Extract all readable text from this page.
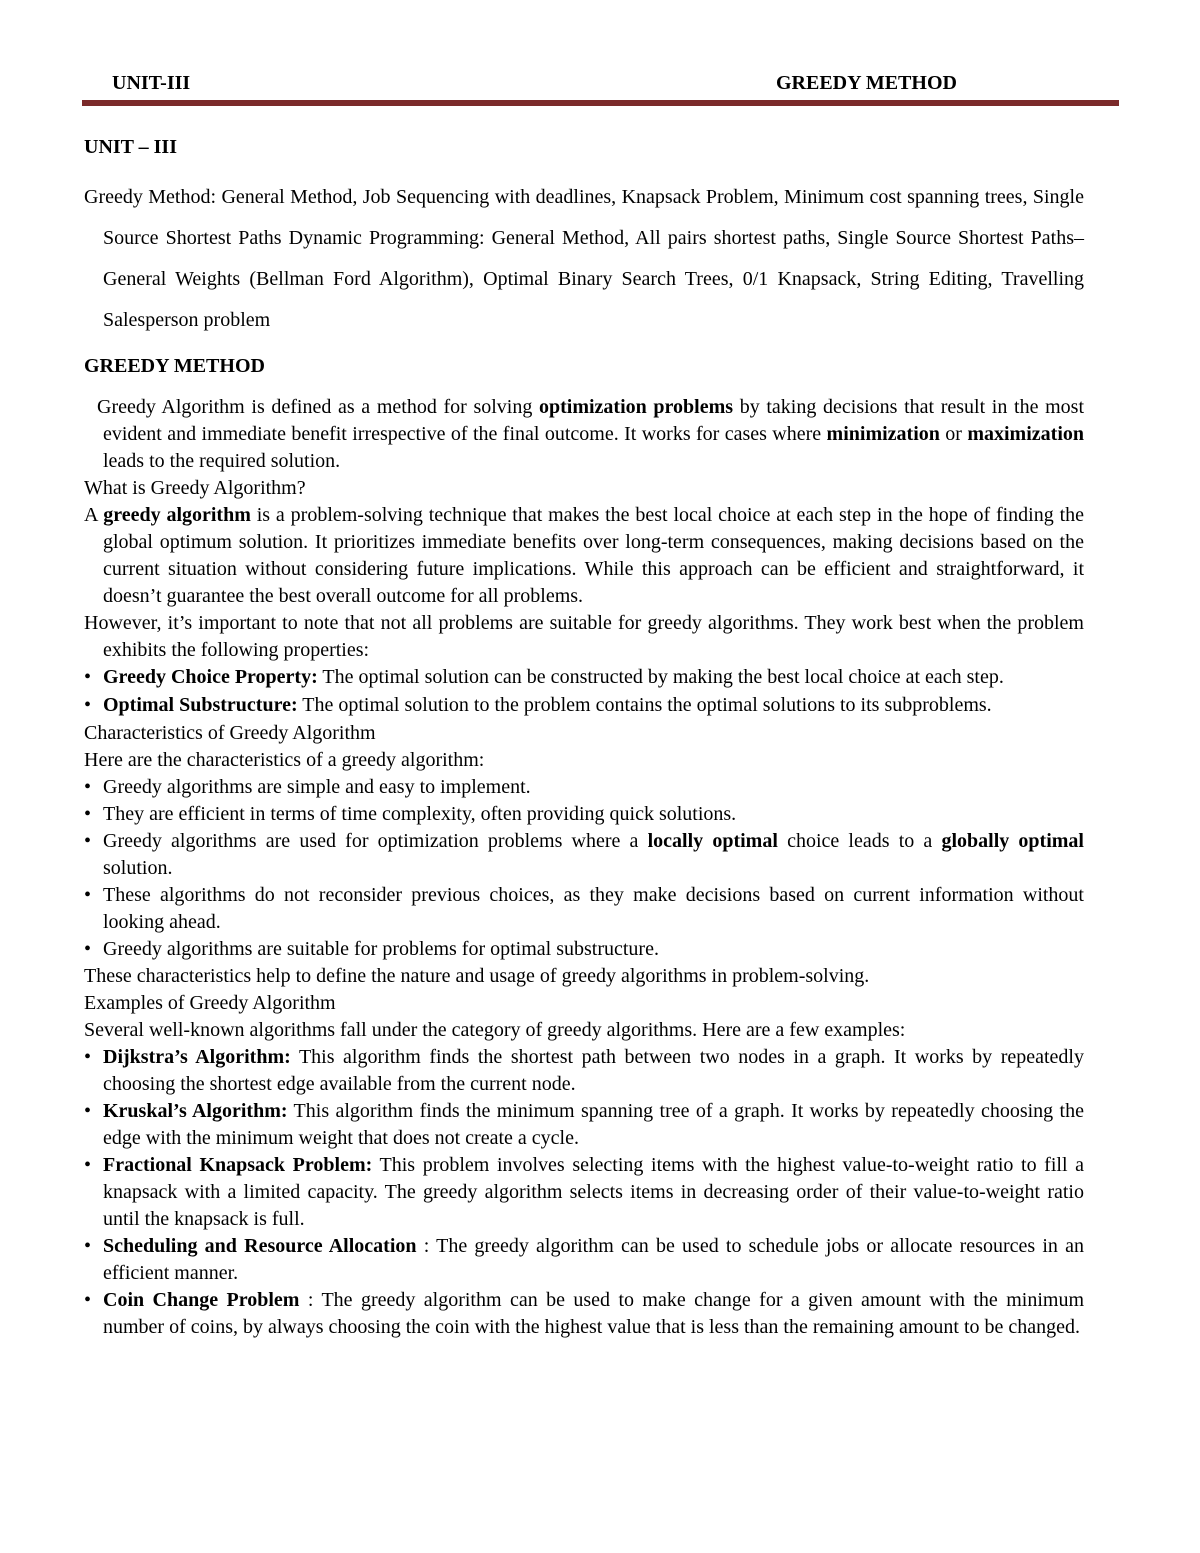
UNIT-III	GREEDY METHOD

UNIT – III

Greedy Method: General Method, Job Sequencing with deadlines, Knapsack Problem, Minimum cost spanning trees, Single Source Shortest Paths Dynamic Programming: General Method, All pairs shortest paths, Single Source Shortest Paths– General Weights (Bellman Ford Algorithm), Optimal Binary Search Trees, 0/1 Knapsack, String Editing, Travelling Salesperson problem

GREEDY METHOD

Greedy Algorithm is defined as a method for solving optimization problems by taking decisions that result in the most evident and immediate benefit irrespective of the final outcome. It works for cases where minimization or maximization leads to the required solution.

What is Greedy Algorithm?

A greedy algorithm is a problem-solving technique that makes the best local choice at each step in the hope of finding the global optimum solution. It prioritizes immediate benefits over long-term consequences, making decisions based on the current situation without considering future implications. While this approach can be efficient and straightforward, it doesn’t guarantee the best overall outcome for all problems.

However, it’s important to note that not all problems are suitable for greedy algorithms. They work best when the problem exhibits the following properties:

• Greedy Choice Property: The optimal solution can be constructed by making the best local choice at each step.
• Optimal Substructure: The optimal solution to the problem contains the optimal solutions to its subproblems.

Characteristics of Greedy Algorithm

Here are the characteristics of a greedy algorithm:

• Greedy algorithms are simple and easy to implement.
• They are efficient in terms of time complexity, often providing quick solutions.
• Greedy algorithms are used for optimization problems where a locally optimal choice leads to a globally optimal solution.
• These algorithms do not reconsider previous choices, as they make decisions based on current information without looking ahead.
• Greedy algorithms are suitable for problems for optimal substructure.

These characteristics help to define the nature and usage of greedy algorithms in problem-solving.

Examples of Greedy Algorithm

Several well-known algorithms fall under the category of greedy algorithms. Here are a few examples:

• Dijkstra’s Algorithm: This algorithm finds the shortest path between two nodes in a graph. It works by repeatedly choosing the shortest edge available from the current node.
• Kruskal’s Algorithm: This algorithm finds the minimum spanning tree of a graph. It works by repeatedly choosing the edge with the minimum weight that does not create a cycle.
• Fractional Knapsack Problem: This problem involves selecting items with the highest value-to-weight ratio to fill a knapsack with a limited capacity. The greedy algorithm selects items in decreasing order of their value-to-weight ratio until the knapsack is full.
• Scheduling and Resource Allocation : The greedy algorithm can be used to schedule jobs or allocate resources in an efficient manner.
• Coin Change Problem : The greedy algorithm can be used to make change for a given amount with the minimum number of coins, by always choosing the coin with the highest value that is less than the remaining amount to be changed.
